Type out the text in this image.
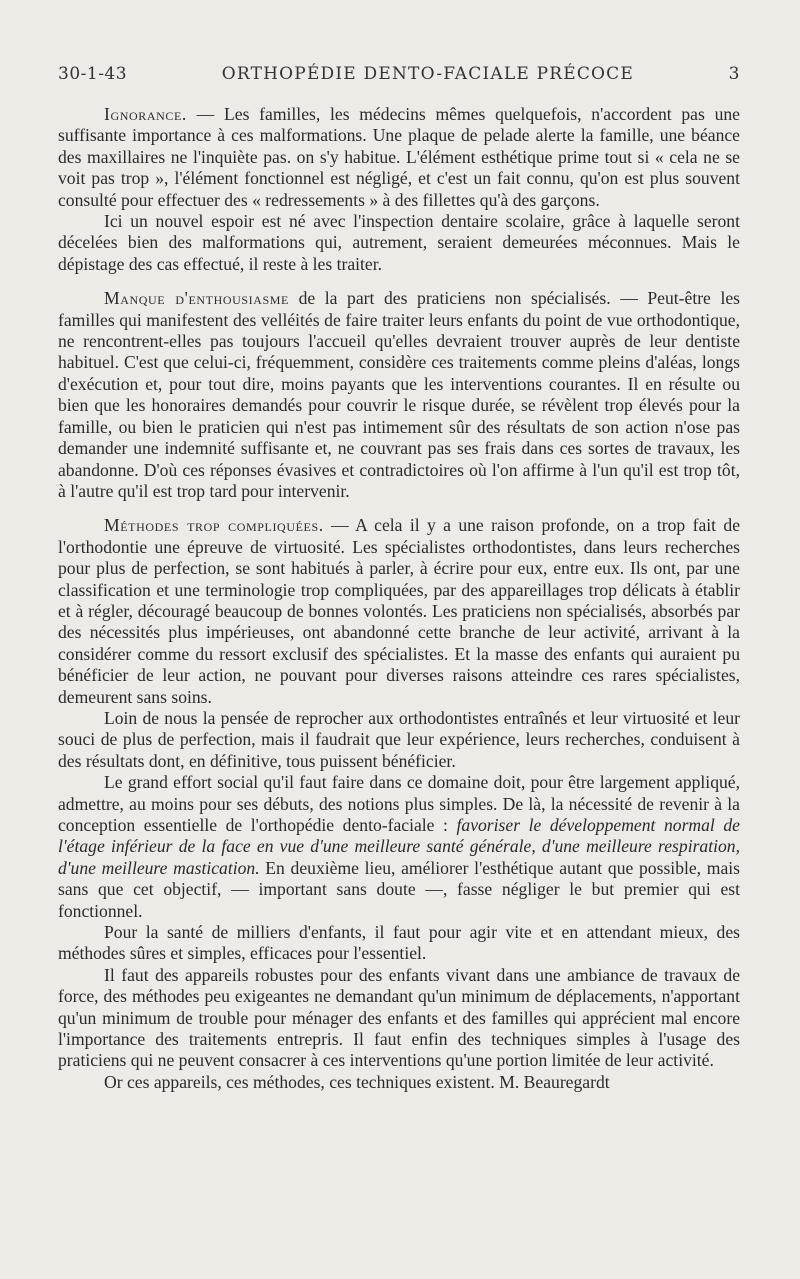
30-1-43	ORTHOPÉDIE DENTO-FACIALE PRÉCOCE	3

Ignorance. — Les familles, les médecins mêmes quelquefois, n'accordent pas une suffisante importance à ces malformations. Une plaque de pelade alerte la famille, une béance des maxillaires ne l'inquiète pas. on s'y habitue. L'élément esthétique prime tout si « cela ne se voit pas trop », l'élément fonctionnel est négligé, et c'est un fait connu, qu'on est plus souvent consulté pour effectuer des « redressements » à des fillettes qu'à des garçons.

Ici un nouvel espoir est né avec l'inspection dentaire scolaire, grâce à laquelle seront décelées bien des malformations qui, autrement, seraient demeurées méconnues. Mais le dépistage des cas effectué, il reste à les traiter.

Manque d'enthousiasme de la part des praticiens non spécialisés. — Peut-être les familles qui manifestent des velléités de faire traiter leurs enfants du point de vue orthodontique, ne rencontrent-elles pas toujours l'accueil qu'elles devraient trouver auprès de leur dentiste habituel. C'est que celui-ci, fréquemment, considère ces traitements comme pleins d'aléas, longs d'exécution et, pour tout dire, moins payants que les interventions courantes. Il en résulte ou bien que les honoraires demandés pour couvrir le risque durée, se révèlent trop élevés pour la famille, ou bien le praticien qui n'est pas intimement sûr des résultats de son action n'ose pas demander une indemnité suffisante et, ne couvrant pas ses frais dans ces sortes de travaux, les abandonne. D'où ces réponses évasives et contradictoires où l'on affirme à l'un qu'il est trop tôt, à l'autre qu'il est trop tard pour intervenir.

Méthodes trop compliquées. — A cela il y a une raison profonde, on a trop fait de l'orthodontie une épreuve de virtuosité. Les spécialistes orthodontistes, dans leurs recherches pour plus de perfection, se sont habitués à parler, à écrire pour eux, entre eux. Ils ont, par une classification et une terminologie trop compliquées, par des appareillages trop délicats à établir et à régler, découragé beaucoup de bonnes volontés. Les praticiens non spécialisés, absorbés par des nécessités plus impérieuses, ont abandonné cette branche de leur activité, arrivant à la considérer comme du ressort exclusif des spécialistes. Et la masse des enfants qui auraient pu bénéficier de leur action, ne pouvant pour diverses raisons atteindre ces rares spécialistes, demeurent sans soins.

Loin de nous la pensée de reprocher aux orthodontistes entraînés et leur virtuosité et leur souci de plus de perfection, mais il faudrait que leur expérience, leurs recherches, conduisent à des résultats dont, en définitive, tous puissent bénéficier.

Le grand effort social qu'il faut faire dans ce domaine doit, pour être largement appliqué, admettre, au moins pour ses débuts, des notions plus simples. De là, la nécessité de revenir à la conception essentielle de l'orthopédie dento-faciale : favoriser le développement normal de l'étage inférieur de la face en vue d'une meilleure santé générale, d'une meilleure respiration, d'une meilleure mastication. En deuxième lieu, améliorer l'esthétique autant que possible, mais sans que cet objectif, — important sans doute —, fasse négliger le but premier qui est fonctionnel.

Pour la santé de milliers d'enfants, il faut pour agir vite et en attendant mieux, des méthodes sûres et simples, efficaces pour l'essentiel.

Il faut des appareils robustes pour des enfants vivant dans une ambiance de travaux de force, des méthodes peu exigeantes ne demandant qu'un minimum de déplacements, n'apportant qu'un minimum de trouble pour ménager des enfants et des familles qui apprécient mal encore l'importance des traitements entrepris. Il faut enfin des techniques simples à l'usage des praticiens qui ne peuvent consacrer à ces interventions qu'une portion limitée de leur activité.

Or ces appareils, ces méthodes, ces techniques existent. M. Beauregardt
